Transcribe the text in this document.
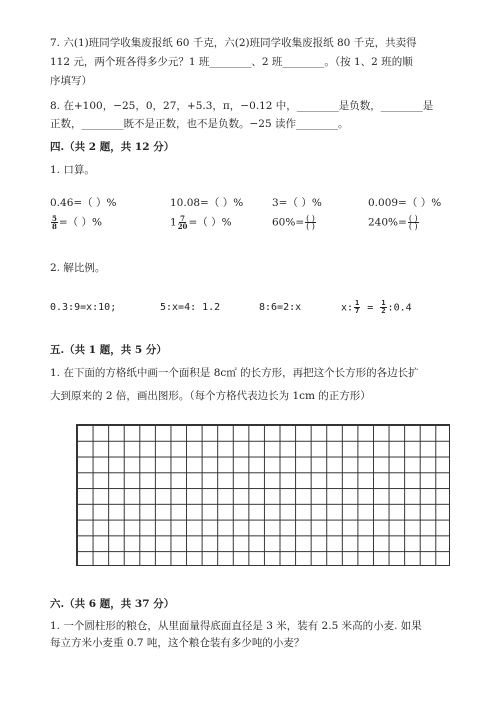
7. 六(1)班同学收集废报纸 60 千克，六(2)班同学收集废报纸 80 千克，共卖得
112 元，两个班各得多少元？1 班________、2 班________。（按 1、2 班的顺
序填写）
8. 在+100，−25，0，27，+5.3，π，−0.12 中，________是负数，________是
正数，________既不是正数，也不是负数。−25 读作________。
四.（共 2 题，共 12 分）
1. 口算。
0.46=（ ）%	10.08=（ ）%	3=（ ）%	0.009=（ ）%
$\frac{5}{8}$ =（ ）%	$1 \frac{7}{20}$ =（ ）%	$60\%= \frac{( )}{( )}$	$240\%= \frac{( )}{( )}$
2. 解比例。
0.3:9=x:10;	5:x=4: 1.2	8:6=2:x	x: $\frac{1}{7} = \frac{1}{2}$ :0.4
五.（共 1 题，共 5 分）
1. 在下面的方格纸中画一个面积是 8c㎡ 的长方形，再把这个长方形的各边长扩
大到原来的 2 倍，画出图形。（每个方格代表边长为 1cm 的正方形）
六.（共 6 题，共 37 分）
1. 一个圆柱形的粮仓，从里面量得底面直径是 3 米，装有 2.5 米高的小麦. 如果
每立方米小麦重 0.7 吨，这个粮仓装有多少吨的小麦？
